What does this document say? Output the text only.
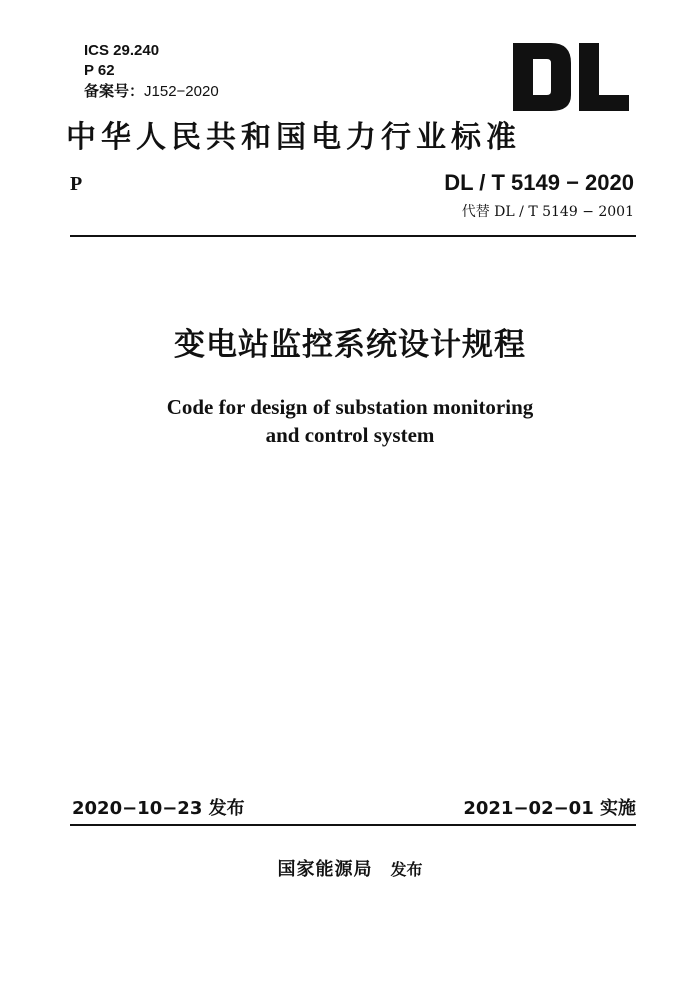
ICS 29.240
P 62
备案号：J152−2020
中华人民共和国电力行业标准
P	DL / T 5149 − 2020
代替 DL / T 5149 − 2001
变电站监控系统设计规程
Code for design of substation monitoring
and control system
2020−10−23 发布	2021−02−01 实施
国家能源局 发布
